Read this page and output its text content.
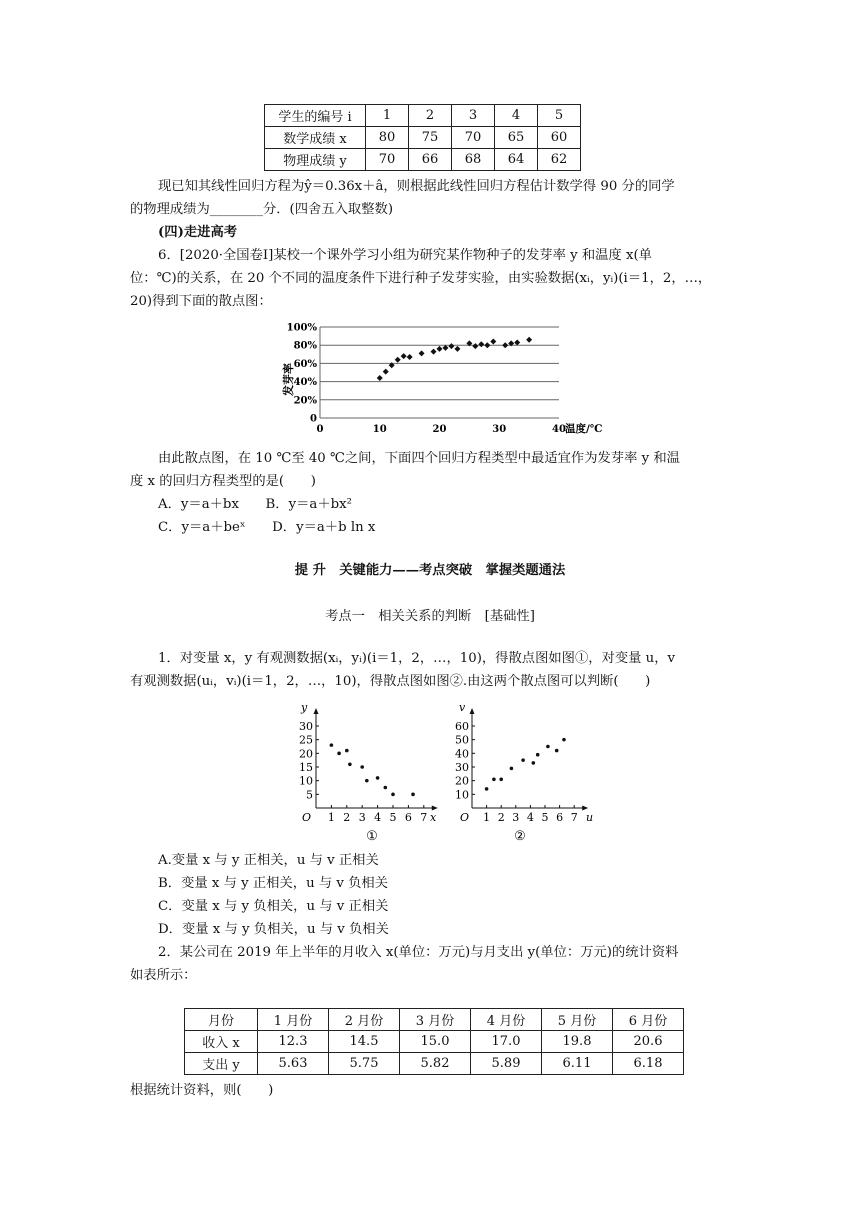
学生的编号 i	1	2	3	4	5
数学成绩 x	80	75	70	65	60
物理成绩 y	70	66	68	64	62
现已知其线性回归方程为ŷ＝0.36x＋â，则根据此线性回归方程估计数学得 90 分的同学
的物理成绩为________分．(四舍五入取整数)
(四)走进高考
6．[2020·全国卷Ⅰ]某校一个课外学习小组为研究某作物种子的发芽率 y 和温度 x(单
位：℃)的关系，在 20 个不同的温度条件下进行种子发芽实验，由实验数据(xᵢ，yᵢ)(i＝1，2，…，
20)得到下面的散点图：
0
20%
40%
60%
80%
100%
0	10	20	30	40
发芽率
温度/℃
由此散点图，在 10 ℃至 40 ℃之间，下面四个回归方程类型中最适宜作为发芽率 y 和温
度 x 的回归方程类型的是(　　)
A．y＝a＋bx　　B．y＝a＋bx²
C．y＝a＋beˣ　　D．y＝a＋b ln x
提 升　关键能力——考点突破　掌握类题通法
考点一　相关关系的判断　[基础性]
1．对变量 x，y 有观测数据(xᵢ，yᵢ)(i＝1，2，…，10)，得散点图如图①，对变量 u，v
有观测数据(uᵢ，vᵢ)(i＝1，2，…，10)，得散点图如图②.由这两个散点图可以判断(　　)
5
10
15
20
25
30
1 2 3 4 5 6 7
y
x
O
①
10
20
30
40
50
60
1 2 3 4 5 6 7
v
u
O
②
A.变量 x 与 y 正相关，u 与 v 正相关
B．变量 x 与 y 正相关，u 与 v 负相关
C．变量 x 与 y 负相关，u 与 v 正相关
D．变量 x 与 y 负相关，u 与 v 负相关
2．某公司在 2019 年上半年的月收入 x(单位：万元)与月支出 y(单位：万元)的统计资料
如表所示：
月份	1 月份	2 月份	3 月份	4 月份	5 月份	6 月份
收入 x	12.3	14.5	15.0	17.0	19.8	20.6
支出 y	5.63	5.75	5.82	5.89	6.11	6.18
根据统计资料，则(　　)
